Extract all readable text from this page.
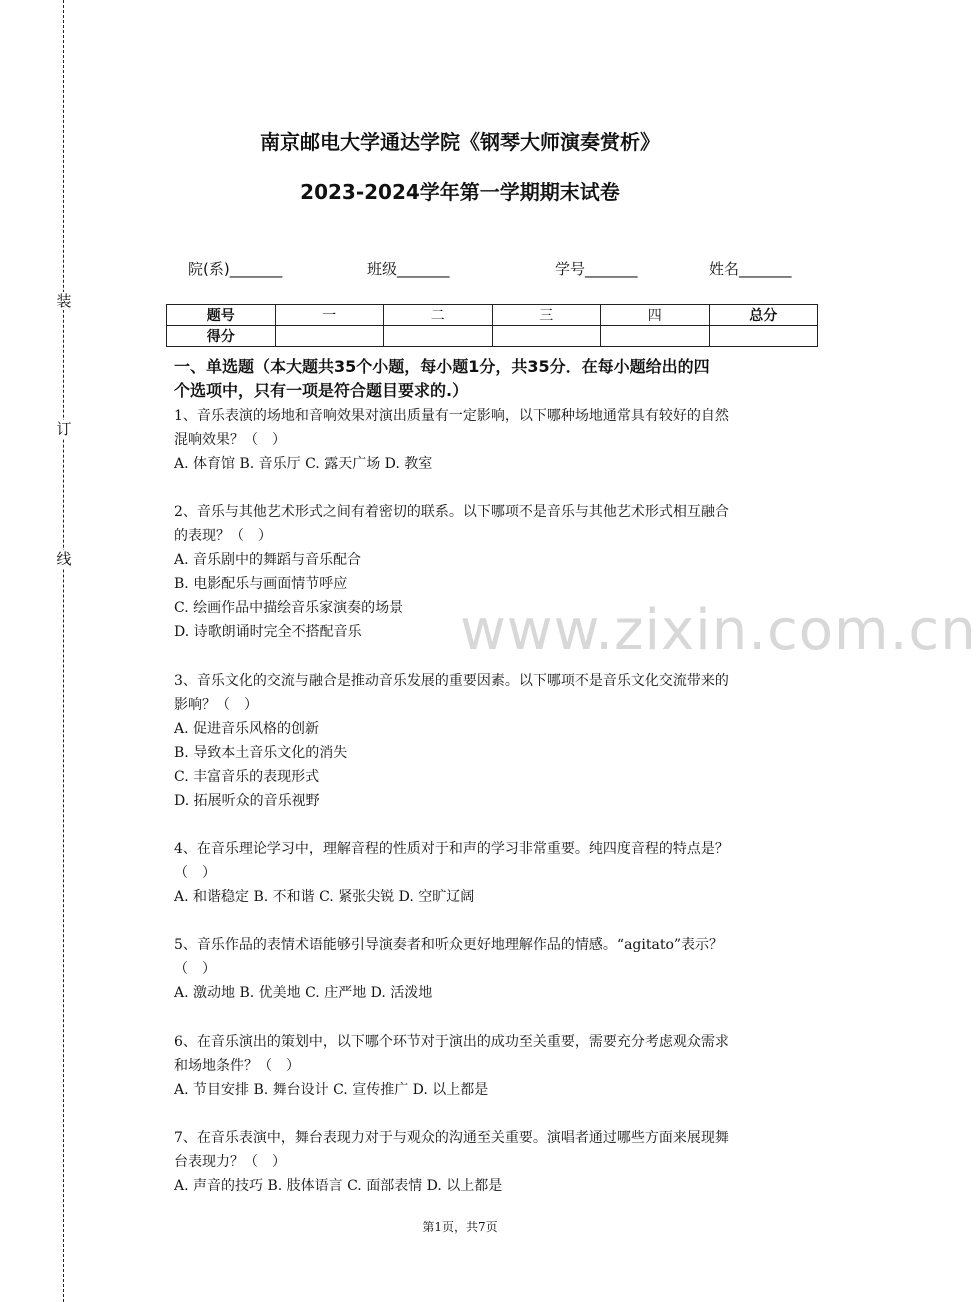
装
订
线
南京邮电大学通达学院《钢琴大师演奏赏析》
2023-2024学年第一学期期末试卷
院(系)_______	班级_______	学号_______	姓名_______
题号	一	二	三	四	总分
得分					
一、单选题（本大题共35个小题，每小题1分，共35分．在每小题给出的四
个选项中，只有一项是符合题目要求的.）

1、音乐表演的场地和音响效果对演出质量有一定影响，以下哪种场地通常具有较好的自然

混响效果？（　）

A. 体育馆 B. 音乐厅 C. 露天广场 D. 教室

2、音乐与其他艺术形式之间有着密切的联系。以下哪项不是音乐与其他艺术形式相互融合

的表现？（　）

A. 音乐剧中的舞蹈与音乐配合

B. 电影配乐与画面情节呼应

C. 绘画作品中描绘音乐家演奏的场景

D. 诗歌朗诵时完全不搭配音乐

3、音乐文化的交流与融合是推动音乐发展的重要因素。以下哪项不是音乐文化交流带来的

影响？（　）

A. 促进音乐风格的创新

B. 导致本土音乐文化的消失

C. 丰富音乐的表现形式

D. 拓展听众的音乐视野

4、在音乐理论学习中，理解音程的性质对于和声的学习非常重要。纯四度音程的特点是？

（　）

A. 和谐稳定 B. 不和谐 C. 紧张尖锐 D. 空旷辽阔

5、音乐作品的表情术语能够引导演奏者和听众更好地理解作品的情感。“agitato”表示？

（　）

A. 激动地 B. 优美地 C. 庄严地 D. 活泼地

6、在音乐演出的策划中，以下哪个环节对于演出的成功至关重要，需要充分考虑观众需求

和场地条件？（　）

A. 节目安排 B. 舞台设计 C. 宣传推广 D. 以上都是

7、在音乐表演中，舞台表现力对于与观众的沟通至关重要。演唱者通过哪些方面来展现舞

台表现力？（　）

A. 声音的技巧 B. 肢体语言 C. 面部表情 D. 以上都是

www.zixin.com.cn
第1页，共7页
